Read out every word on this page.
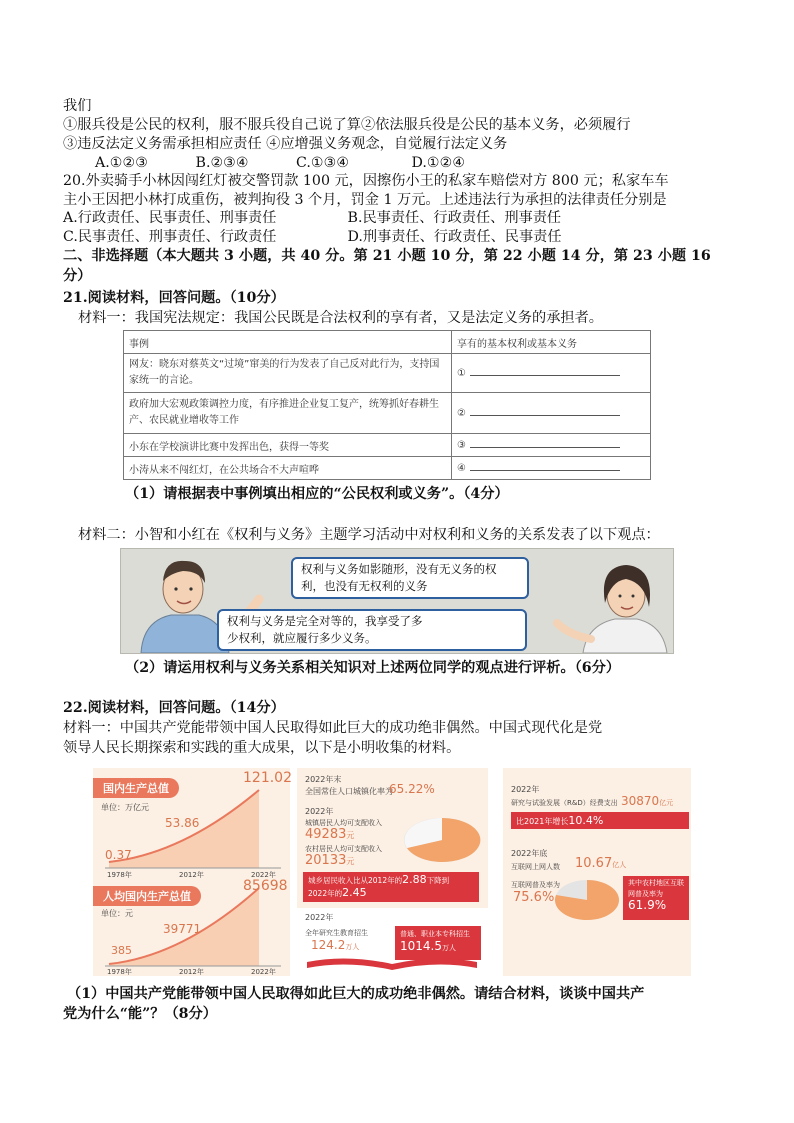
我们
①服兵役是公民的权利，服不服兵役自己说了算②依法服兵役是公民的基本义务，必须履行
③违反法定义务需承担相应责任 ④应增强义务观念，自觉履行法定义务
A.①②③	B.②③④	C.①③④	D.①②④
20.外卖骑手小林因闯红灯被交警罚款 100 元，因擦伤小王的私家车赔偿对方 800 元；私家车车
主小王因把小林打成重伤，被判拘役 3 个月，罚金 1 万元。上述违法行为承担的法律责任分别是
A.行政责任、民事责任、刑事责任	B.民事责任、行政责任、刑事责任
C.民事责任、刑事责任、行政责任	D.刑事责任、行政责任、民事责任
二、非选择题（本大题共 3 小题，共 40 分。第 21 小题 10 分，第 22 小题 14 分，第 23 小题 16
分）
21.阅读材料，回答问题。（10分）
材料一：我国宪法规定：我国公民既是合法权利的享有者，又是法定义务的承担者。
事例	享有的基本权利或基本义务
网友：晓东对蔡英文“过境”窜美的行为发表了自己反对此行为，支持国家统一的言论。	①
政府加大宏观政策调控力度，有序推进企业复工复产，统筹抓好春耕生产、农民就业增收等工作	②
小东在学校演讲比赛中发挥出色，获得一等奖	③
小涛从来不闯红灯，在公共场合不大声喧哗	④
（1）请根据表中事例填出相应的“公民权利或义务”。（4分）
材料二：小智和小红在《权利与义务》主题学习活动中对权利和义务的关系发表了以下观点：
权利与义务如影随形，没有无义务的权
利，也没有无权利的义务
权利与义务是完全对等的，我享受了多
少权利，就应履行多少义务。
（2）请运用权利与义务关系相关知识对上述两位同学的观点进行评析。（6分）
22.阅读材料，回答问题。（14分）
材料一：中国共产党能带领中国人民取得如此巨大的成功绝非偶然。中国式现代化是党
领导人民长期探索和实践的重大成果，以下是小明收集的材料。
国内生产总值
单位：万亿元
121.02
53.86
0.37
1978年	2012年	2022年
人均国内生产总值
单位：元
85698
39771
385
1978年	2012年	2022年
2022年末
全国常住人口城镇化率为
65.22%
2022年
城镇居民人均可支配收入
49283元
农村居民人均可支配收入
20133元
城乡居民收入比从2012年的2.88下降到
2022年的2.45
2022年
全年研究生教育招生
124.2万人
普通、职业本专科招生
1014.5万人
2022年
研究与试验发展（R&D）经费支出 30870亿元
比2021年增长10.4%
2022年底
互联网上网人数 10.67亿人
互联网普及率为
75.6%
其中农村地区互联网普及率为
61.9%
（1）中国共产党能带领中国人民取得如此巨大的成功绝非偶然。请结合材料，谈谈中国共产
党为什么“能”？（8分）
